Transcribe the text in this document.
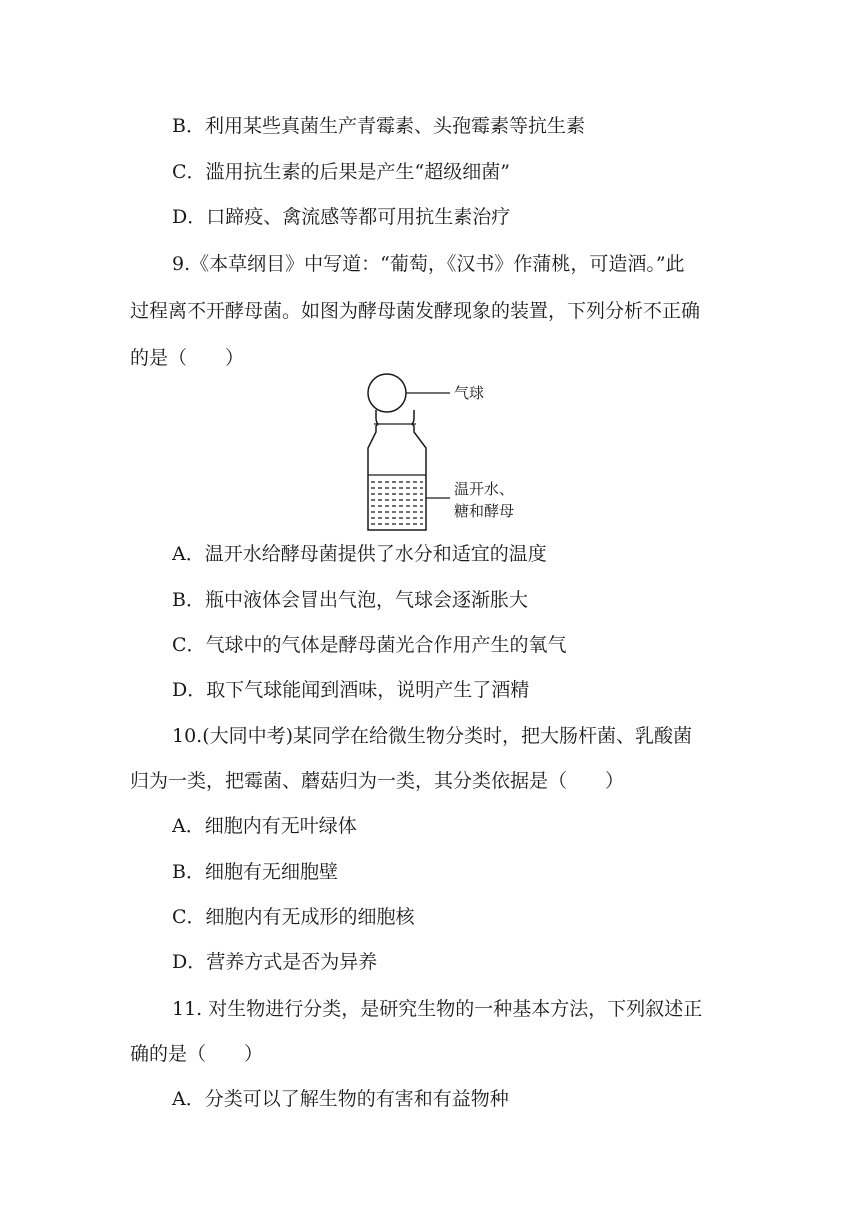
B．利用某些真菌生产青霉素、头孢霉素等抗生素
C．滥用抗生素的后果是产生“超级细菌”
D．口蹄疫、禽流感等都可用抗生素治疗
9.《本草纲目》中写道：“葡萄，《汉书》作蒲桃，可造酒。”此
过程离不开酵母菌。如图为酵母菌发酵现象的装置，下列分析不正确
的是（　　）
气球
温开水、
糖和酵母
A．温开水给酵母菌提供了水分和适宜的温度
B．瓶中液体会冒出气泡，气球会逐渐胀大
C．气球中的气体是酵母菌光合作用产生的氧气
D．取下气球能闻到酒味，说明产生了酒精
10.(大同中考)某同学在给微生物分类时，把大肠杆菌、乳酸菌
归为一类，把霉菌、蘑菇归为一类，其分类依据是（　　）
A．细胞内有无叶绿体
B．细胞有无细胞壁
C．细胞内有无成形的细胞核
D．营养方式是否为异养
11. 对生物进行分类，是研究生物的一种基本方法，下列叙述正
确的是（　　）
A．分类可以了解生物的有害和有益物种
